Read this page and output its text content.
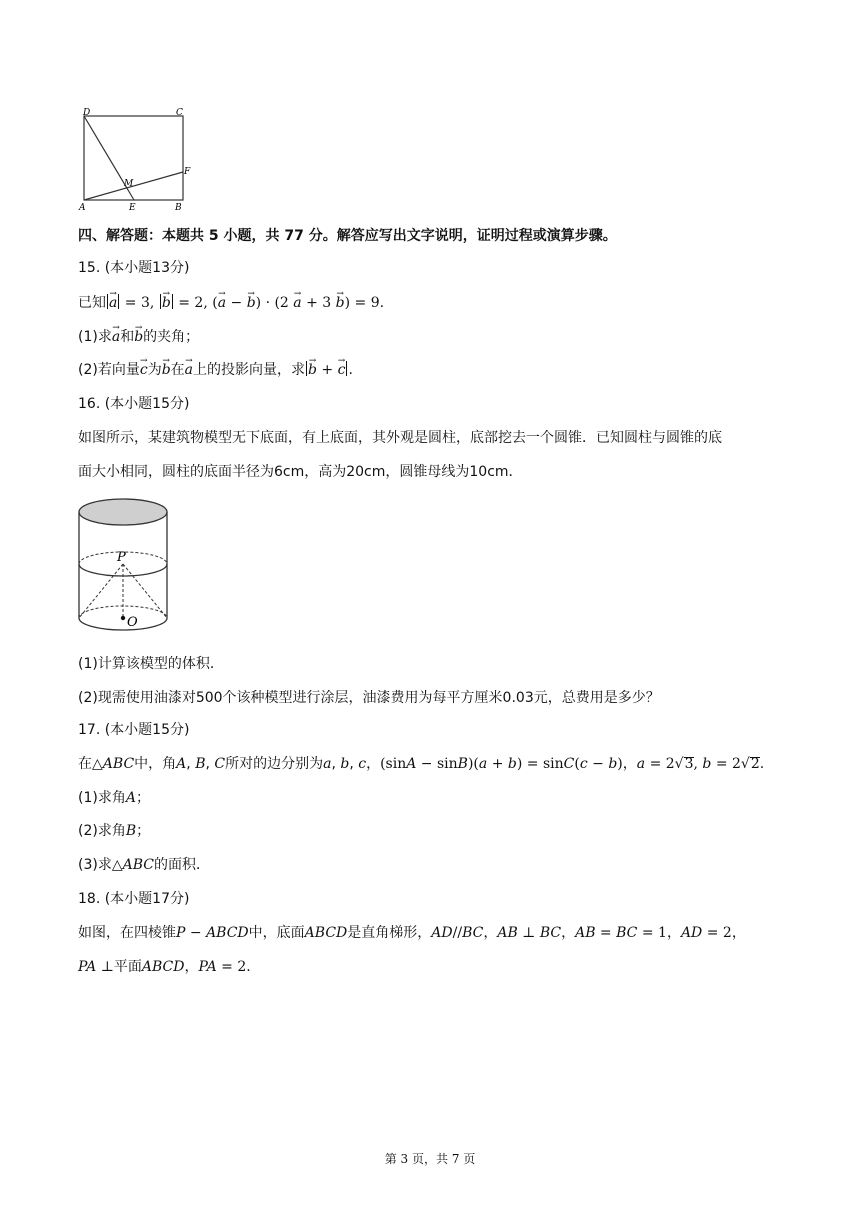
D	C
F
M
A	E	B
四、解答题：本题共 5 小题，共 77 分。解答应写出文字说明，证明过程或演算步骤。
15. (本小题13分)
已知 a → = 3, b → = 2, (a → − b →) · (2 a → + 3 b →) = 9.
(1)求a →和b →的夹角；
(2)若向量c →为b →在a →上的投影向量，求 b → + c → .
16. (本小题15分)
如图所示，某建筑物模型无下底面，有上底面，其外观是圆柱，底部挖去一个圆锥．已知圆柱与圆锥的底
面大小相同，圆柱的底面半径为6cm，高为20cm，圆锥母线为10cm．
P
O
(1)计算该模型的体积．
(2)现需使用油漆对500个该种模型进行涂层，油漆费用为每平方厘米0.03元，总费用是多少？
17. (本小题15分)
在△ABC中，角A, B, C所对的边分别为a, b, c，(sinA − sinB)(a + b) = sinC(c − b)，a = 2√3, b = 2√2.
(1)求角A；
(2)求角B；
(3)求△ABC的面积．
18. (本小题17分)
如图，在四棱锥P − ABCD中，底面ABCD是直角梯形，AD//BC，AB ⊥ BC，AB = BC = 1，AD = 2，
PA ⊥平面ABCD，PA = 2.
第 3 页，共 7 页
